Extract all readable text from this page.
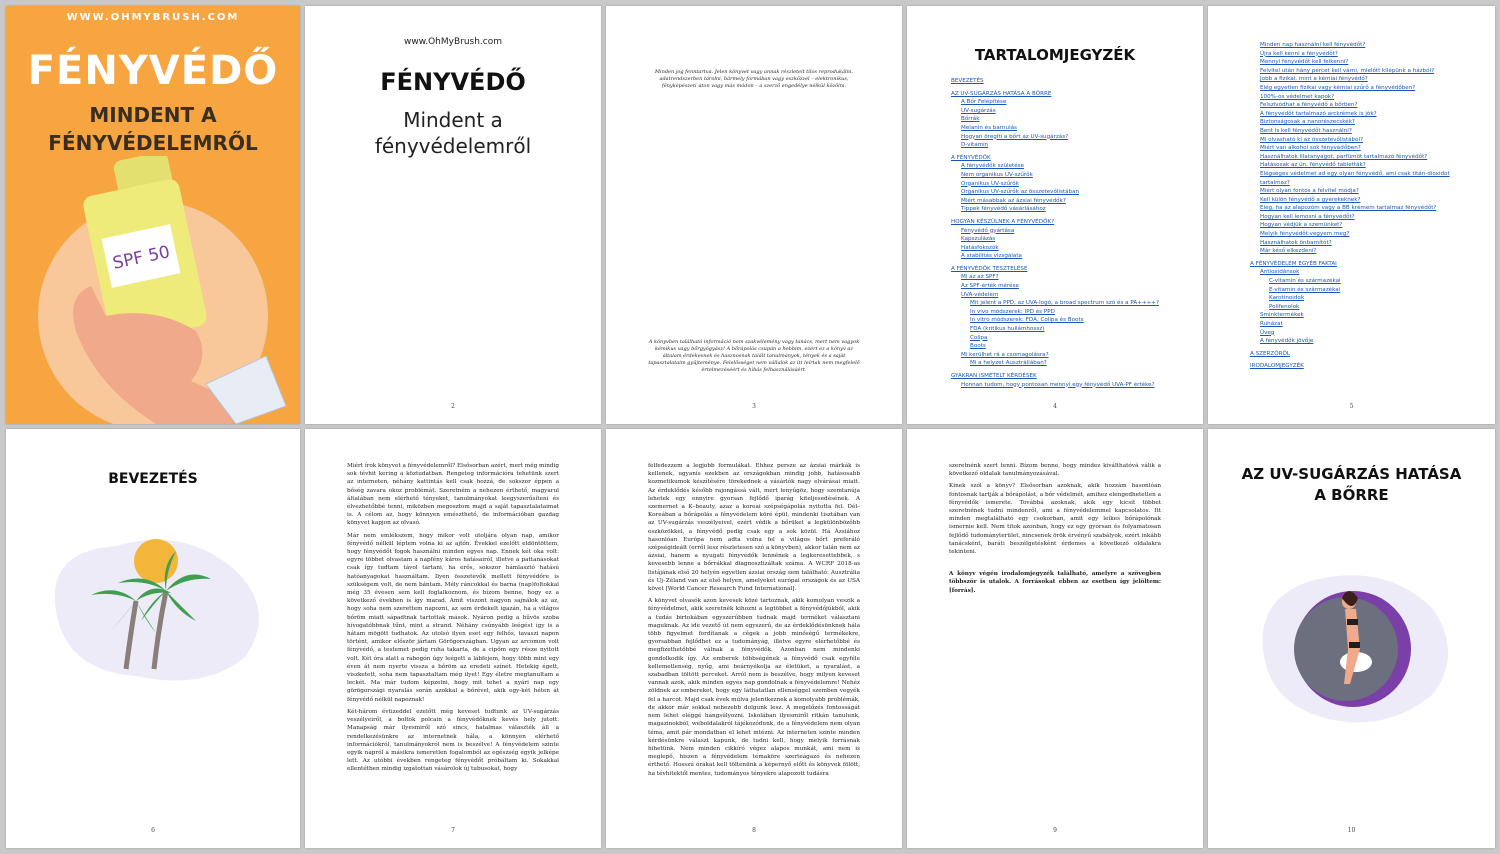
WWW.OHMYBRUSH.COM
FÉNYVÉDŐ
MINDENT A
FÉNYVÉDELEMRŐL
SPF 50
www.OhMyBrush.com
FÉNYVÉDŐ
Mindent a fényvédelemről
2
Minden jog fenntartva. Jelen könyvet vagy annak részleteit tilos reprodukálni, adatrendszerben tárolni, bármely formában vagy eszközzel – elektronikus, fényképészeti úton vagy más módon – a szerző engedélye nélkül közölni.
A könyvben található információ nem szakvélemény vagy tanács, mert nem vagyok kémikus vagy bőrgyógyász! A bőrápolás csupán a hobbim, ezért ez a könyv az általam érdekesnek és hasznosnak talált tanulmányok, tények és a saját tapasztalataim gyűjteménye. Felelősséget nem vállalok az itt leírtak nem megfelelő értelmezéséért és hibás felhasználásáért.
3
TARTALOMJEGYZÉK
BEVEZETÉS
AZ UV-SUGÁRZÁS HATÁSA A BŐRRE
A Bőr Felépítése
UV-sugárzás
Bőrrák
Melanin és barnulás
Hogyan öregíti a bőrt az UV-sugárzás?
D-vitamin
A FÉNYVÉDŐK
A fényvédők születése
Nem organikus UV-szűrők
Organikus UV-szűrők
Organikus UV-szűrők az összetevőlistában
Miért másabbak az ázsiai fényvédők?
Tippek fényvédő vásárlásához
HOGYAN KÉSZÜLNEK A FÉNYVÉDŐK?
Fényvédő gyártása
Kapszulázás
Hatásfokozók
A stabilitás vizsgálata
A FÉNYVÉDŐK TESZTELÉSE
Mi az az SPF?
Az SPF-érték mérése
UVA-védelem
Mit jelent a PPD, az UVA-logó, a broad spectrum szó és a PA++++?
In vivo módszerek: IPD és PPD
In vitro módszerek: FDA, Colipa és Boots
FDA (kritikus hullámhossz)
Colipa
Boots
Mi kerülhet rá a csomagolásra?
Mi a helyzet Ausztráliában?
GYAKRAN ISMÉTELT KÉRDÉSEK
Honnan tudom, hogy pontosan mennyi egy fényvédő UVA-PF értéke?
4
Minden nap használni kell fényvédőt?
Újra kell kenni a fényvédőt?
Mennyi fényvédőt kell felkenni?
Felvitel után hány percet kell várni, mielőtt kilépünk a házból?
Jobb a fizikai, mint a kémiai fényvédő?
Elég egyetlen fizikai vagy kémiai szűrő a fényvédőben?
100%-os védelmet kapok?
Felszívódhat a fényvédő a bőrben?
A fényvédőt tartalmazó arckrémek is jók?
Biztonságosak a nanorészecskék?
Bent is kell fényvédőt használni?
Mi olvasható ki az összetevőlistából?
Miért van alkohol sok fényvédőben?
Használhatok illatanyagot, parfümöt tartalmazó fényvédőt?
Hatásosak az ún. fényvédő tabletták?
Elégséges védelmet ad egy olyan fényvédő, ami csak titán-dioxidot
tartalmaz?
Miért olyan fontos a felvitel módja?
Kell külön fényvédő a gyerekeknek?
Elég, ha az alapozóm vagy a BB krémem tartalmaz fényvédőt?
Hogyan kell lemosni a fényvédőt?
Hogyan védjük a szemünket?
Melyik fényvédőt vegyem meg?
Használhatok önbarnítót?
Már késő elkezdeni?
A FÉNYVÉDELEM EGYÉB FAKTAI
Antioxidánsok
C-vitamin és származékai
E-vitamin és származékai
Karotinoidok
Polifenolok
Sminktermékek
Ruházat
Üveg
A fényvédők jövője
A SZERZŐRŐL
IRODALOMJEGYZÉK
5
BEVEZETÉS
6

Miért írok könyvet a fényvédelemről? Elsősorban azért, mert még mindig sok tévhit kering a köztudatban. Rengeteg információra tehetünk szert az interneten, néhány kattintás kell csak hozzá, de sokszor éppen a bőség zavara okoz problémát. Szeretném a nehezen érthető, magyarul általában nem elérhető tényeket, tanulmányokat leegyszerűsíteni és élvezhetőbbé tenni, miközben megosztom majd a saját tapasztalataimat is. A célom az, hogy könnyen emészthető, de információban gazdag könyvet kapjon az olvasó.

Már nem emlékszem, hogy mikor volt utoljára olyan nap, amikor fényvédő nélkül léptem volna ki az ajtón. Évekkel ezelőtt eldöntöttem, hogy fényvédőt fogok használni minden egyes nap. Ennek két oka volt: egyre többet olvastam a napfény káros hatásairól, illetve a pattanásokat csak így tudtam távol tartani, ha erős, sokszor hámlasztó hatású hatóanyagokat használtam. Ilyen összetevők mellett fényvédőre is szükségem volt, de nem bántam. Mély ráncokkal és barna (nap)foltokkal még 35 évesen sem kell foglalkoznom, és bízom benne, hogy ez a következő években is így marad. Amit viszont nagyon sajnálok az az, hogy soha nem szerettem napozni, az sem érdekelt igazán, ha a világos bőröm miatt sápadtnak tartottak mások. Nyáron pedig a hűvös szoba hívogatóbbnak tűnt, mint a strand. Néhány csúnyább leégést így is a hátam mögött tudhatok. Az utolsó ilyen eset egy felhős, tavaszi napon történt, amikor először jártam Görögországban. Ugyan az arcomon volt fényvédő, a testemet pedig ruha takarta, de a cipőm egy része nyitott volt. Két óra alatt a rabogón úgy leégett a lábfejem, hogy több mint egy éven át nem nyerte vissza a bőröm az eredeti színét. Hetekig égett, viszketett, soha nem tapasztaltam még ilyet! Egy életre megtanultam a leckét. Ma már tudom képzelni, hogy mit tehet a nyári nap egy görögországi nyaralás során azokkal a bőrével, akik egy-két héten át fényvédő nélkül napoznak!

Két-három évtizeddel ezelőtt még keveset tudtunk az UV-sugárzás veszélyeiről, a boltok polcain a fényvédőknek kevés hely jutott. Manapság már ilyesmiről szó sincs, hatalmas választék áll a rendelkezésünkre az internetnek hála, a könnyen elérhető információkról, tanulmányokról nem is beszélve! A fényvédelem szinte egyik napról a másikra ismeretlen fogalomból az egészség egyik jelképe lett. Az utóbbi években rengeteg fényvédőt próbáltam ki. Sokakkal ellentétben mindig izgatottan vásárolok új tubusokat, hogy

7

felfedezzem a legjobb formulákat. Ehhez persze az ázsiai márkák is kellenek, ugyanis ezekben az országokban mindig jobb, hatásosabb kozmetikumok készítésére törekednek a vásárlók nagy elvárásai miatt. Az érdeklődés később rajongássá vált, mert lenyűgöz, hogy szemtanúja lehetek egy ennyire gyorsan fejlődő iparág kiteljesedésének. A szemernet a K–beauty, azaz a koreai szépségápolás nyitotta fel. Dél–Koreában a bőrápolás a fényvédelem köré épül, mindenki tisztában van az UV-sugárzás veszélyeivel, ezért védik a bőrüket a legkülönbözőbb eszközökkel, a fényvédő pedig csak egy a sok közül. Há Ázsiához hasonlóan Európa nem adta volna fel a világos bőrt preferáló szépségideált (erről lesz részletesen szó a könyvben), akkor talán nem az ázsiai, hanem a nyugati fényvédők lennének a legkeresettebbek, s kevesebb lenne a bőrrákkal diagnosztizáltak száma. A WCRF 2018-as listájának első 20 helyén egyetlen ázsiai ország sem található: Ausztrália és Új–Zéland van az első helyen, amelyeket európai országok és az USA követ [World Cancer Research Fund International].

A könyvet olvasók azon kevesek közé tartoznak, akik komolyan veszik a fényvédelmet, akik szeretnék kihozni a legtöbbet a fényvédőjükből, akik a tudás birtokában egyszerűbben tudnak majd terméket választani maguknak. Az ide vezető út nem egyszerű, de az érdeklődésünknek hála több figyelmet fordítanak a cégek a jobb minőségű termékekre, gyorsabban fejlődhet ez a tudományág, illetve egyre elérhetőbbé és megfizethetőbbé válnak a fényvédők. Azonban nem mindenki gondolkodik így. Az emberek többségének a fényvédő csak egyféle kellemetlenség, nyűg, ami beárnyékolja az életüket, a nyaralást, a szabadban töltött perceket. Arról nem is beszélve, hogy milyen keveset vannak azok, akik minden egyes nap gondolnak a fényvédelemre! Nehéz zöldnek az embereket, hogy egy láthatatlan ellenséggel szemben vegyék fel a harcot. Majd csak évek múlva jelentkeznek a komolyabb problémák, de akkor már sokkal nehezebb dolgunk lesz. A megelőzés fontosságát nem lehet eléggé hangsúlyozni. Iskolában ilyesmiről ritkán tanulunk, magazinokból, weboldalakról tájékozódunk, de a fényvédelem nem olyan téma, amit pár mondatban el lehet intézni. Az interneten szinte minden kérdésünkre választ kapunk, de tudni kell, hogy melyik forrásnak hihetünk. Nem minden cikkíró végez alapos munkát, ami nem is meglepő, hiszen a fényvédelem témaköre szerteágazó és nehezen érthető. Hosszú órákat kell töltenünk a képernyő előtt és könyvek fölött, ha tévhitektől mentes, tudományos tényekre alapozott tudásra

8

szeretnénk szert tenni. Bízom benne, hogy mindez kiválthatóvá válik a következő oldalak tanulmányozásával.

Kinek szól a könyv? Elsősorban azoknak, akik hozzám hasonlóan fontosnak tartják a bőrápolást, a bőr védelmét, amihez elengedhetetlen a fényvédők ismerete. Továbbá azoknak, akik egy kicsit többet szeretnének tudni mindenről, ami a fényvédelemmel kapcsolatos. Itt minden megtalálható egy csokorban, amit egy leíkes bőrápolónak ismernie kell. Nem titok azonban, hogy ez egy gyorsan és folyamatosan fejlődő tudományterület, nincsenek örök érvényű szabályok, ezért inkább tanácsként, baráti beszélgetésként érdemes a következő oldalakra tekinteni.

A könyv végén irodalomjegyzék található, amelyre a szövegben többször is utalok. A forrásokat ebben az esetben így jelöltem: [forrás].

9
AZ UV-SUGÁRZÁS HATÁSA A BŐRRE
10
